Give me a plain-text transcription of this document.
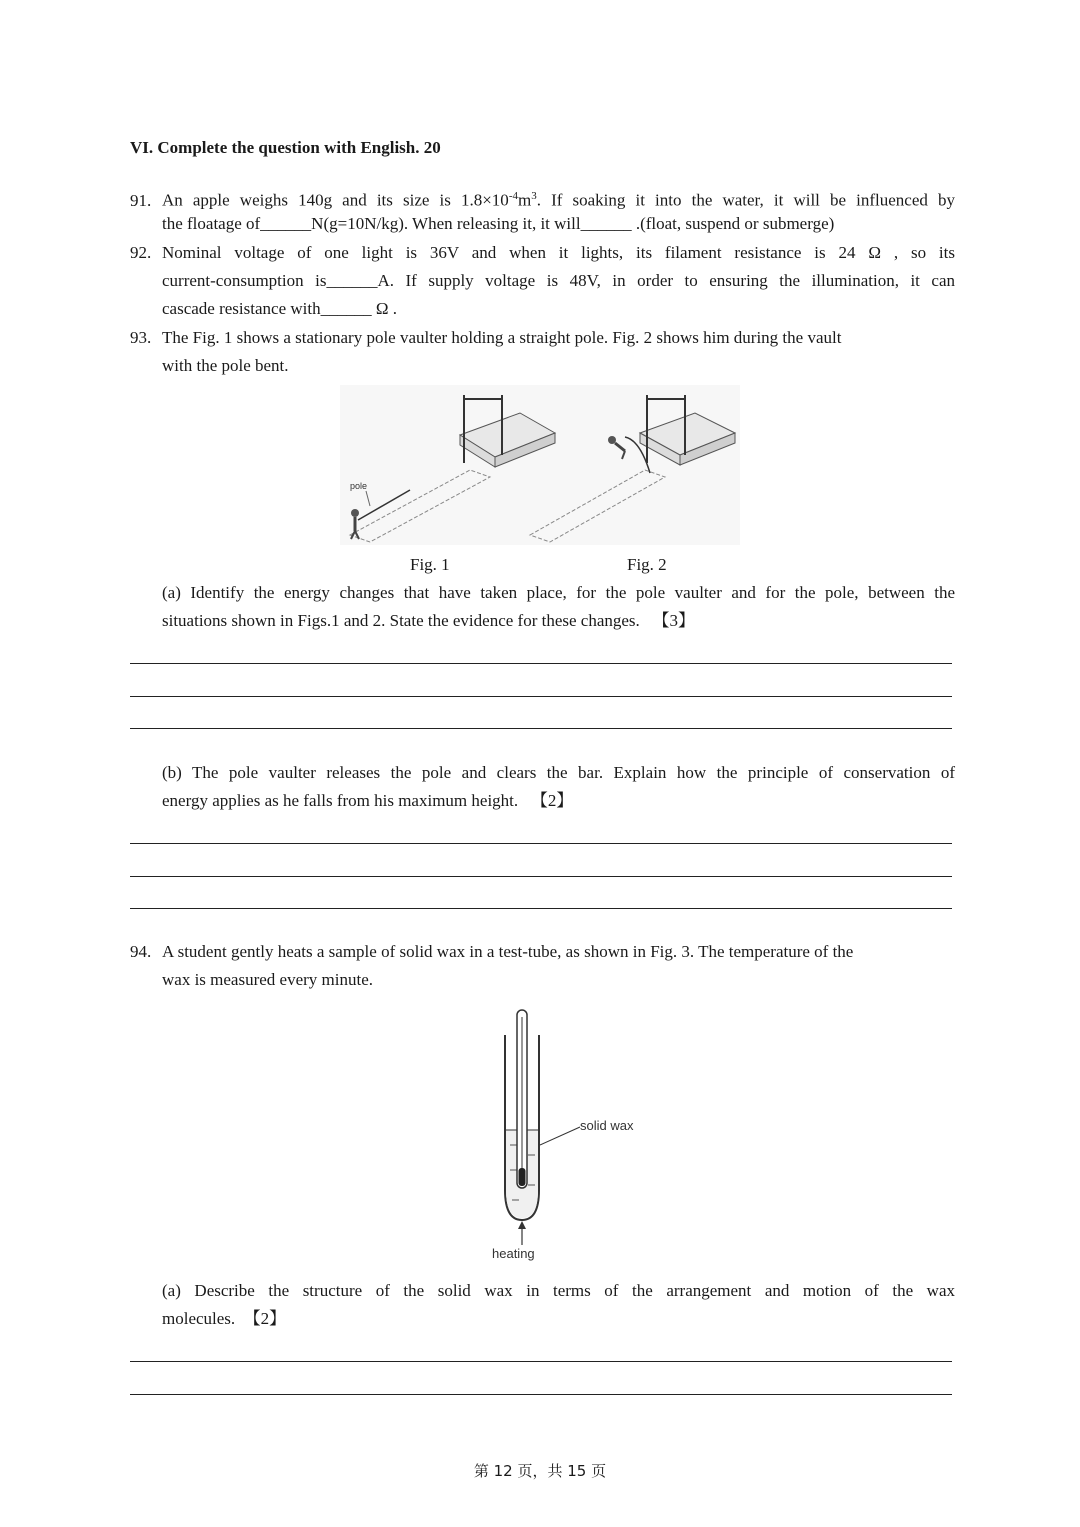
VI. Complete the question with English. 20
91. An apple weighs 140g and its size is $1.8\times 10^{-4}m^3$. If soaking it into the water, it will be influenced by
the floatage of______N(g=10N/kg). When releasing it, it will______ .(float, suspend or submerge)
92. Nominal voltage of one light is 36V and when it lights, its filament resistance is 24 Ω , so its
current-consumption is______A. If supply voltage is 48V, in order to ensuring the illumination, it can
cascade resistance with______ Ω .
93. The Fig. 1 shows a stationary pole vaulter holding a straight pole. Fig. 2 shows him during the vault
with the pole bent.
pole
Fig. 1	Fig. 2
(a) Identify the energy changes that have taken place, for the pole vaulter and for the pole, between the
situations shown in Figs.1 and 2. State the evidence for these changes. 【3】
(b) The pole vaulter releases the pole and clears the bar. Explain how the principle of conservation of
energy applies as he falls from his maximum height. 【2】
94. A student gently heats a sample of solid wax in a test-tube, as shown in Fig. 3. The temperature of the
wax is measured every minute.
solid wax
heating
(a) Describe the structure of the solid wax in terms of the arrangement and motion of the wax
molecules. 【2】
第 12 页，共 15 页
